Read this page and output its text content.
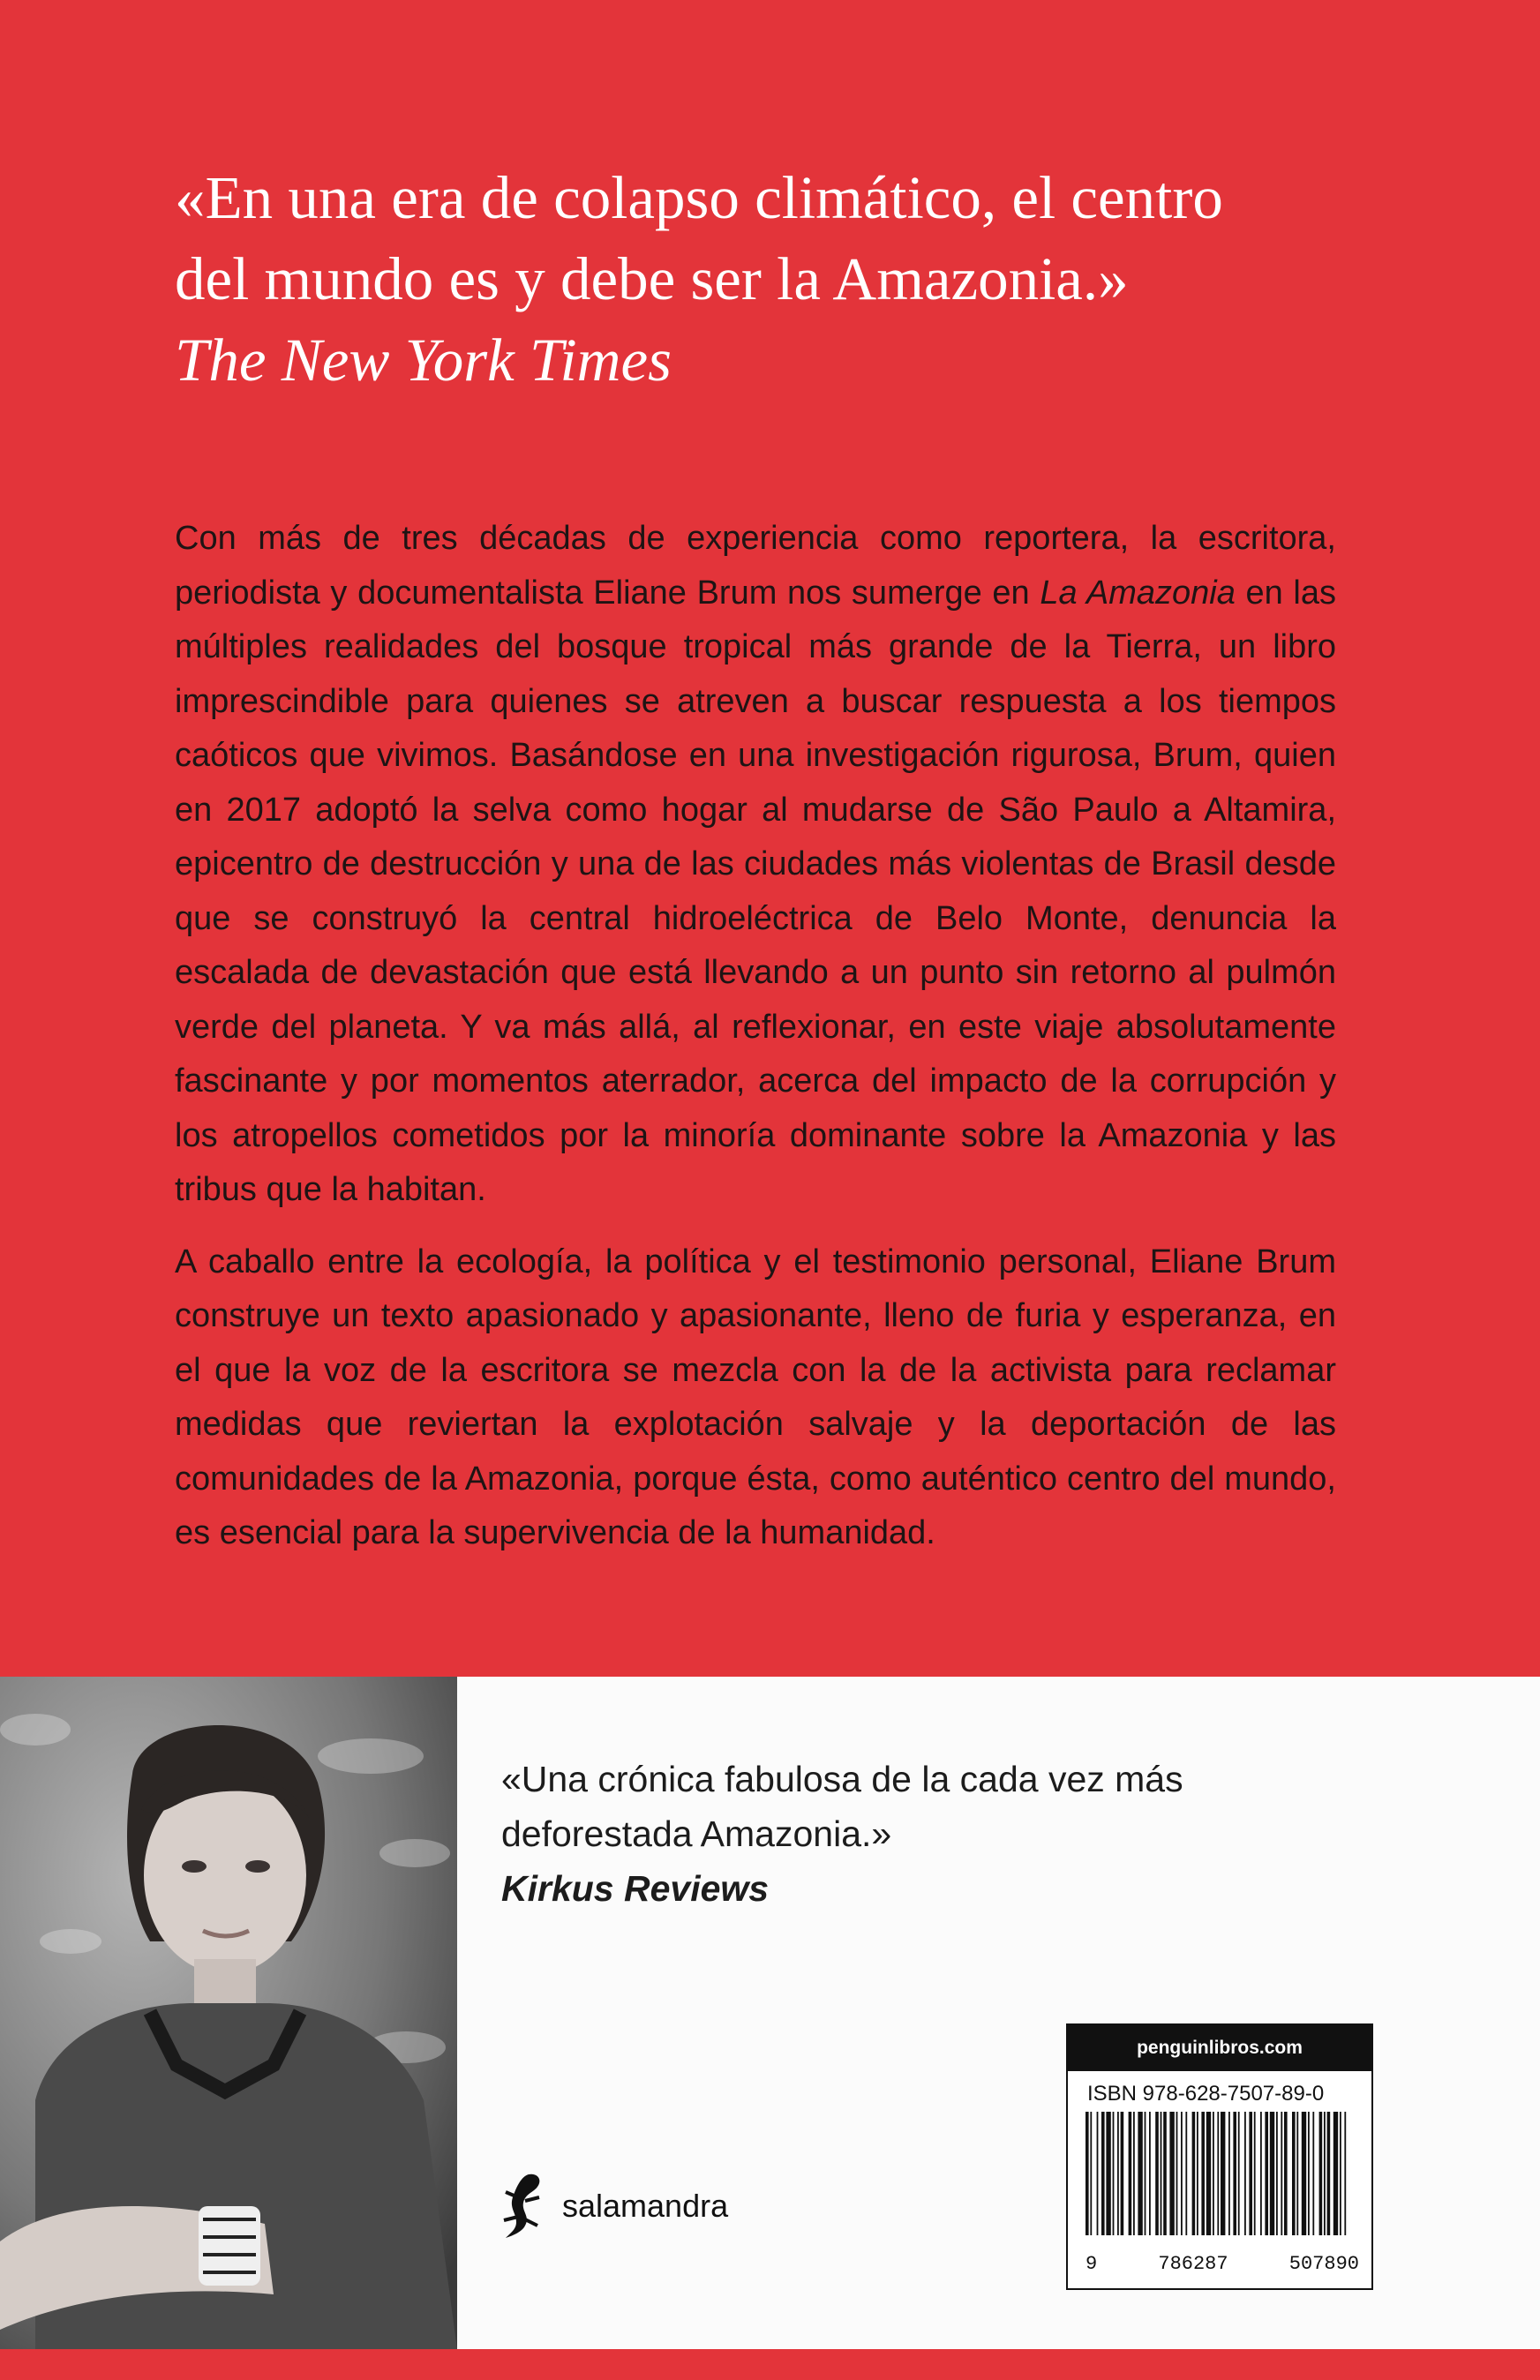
«En una era de colapso climático, el centro
del mundo es y debe ser la Amazonia.»
The New York Times

Con más de tres décadas de experiencia como reportera, la escritora, periodista y documentalista Eliane Brum nos sumerge en La Amazonia en las múltiples realidades del bosque tropical más grande de la Tierra, un libro imprescindible para quienes se atreven a buscar respuesta a los tiempos caóticos que vivimos. Basándose en una investigación rigurosa, Brum, quien en 2017 adoptó la selva como hogar al mudarse de São Paulo a Altamira, epicentro de destrucción y una de las ciudades más violentas de Brasil desde que se construyó la central hidroeléctrica de Belo Monte, denuncia la escalada de devastación que está llevando a un punto sin retorno al pulmón verde del planeta. Y va más allá, al reflexionar, en este viaje absolutamente fascinante y por momentos aterrador, acerca del impacto de la corrupción y los atropellos cometidos por la minoría dominante sobre la Amazonia y las tribus que la habitan.

A caballo entre la ecología, la política y el testimonio personal, Eliane Brum construye un texto apasionado y apasionante, lleno de furia y esperanza, en el que la voz de la escritora se mezcla con la de la activista para reclamar medidas que reviertan la explotación salvaje y la deportación de las comunidades de la Amazonia, porque ésta, como auténtico centro del mundo, es esencial para la supervivencia de la humanidad.

«Una crónica fabulosa de la cada vez más
deforestada Amazonia.»
Kirkus Reviews
salamandra
penguinlibros.com
ISBN 978-628-7507-89-0
9	786287	507890
